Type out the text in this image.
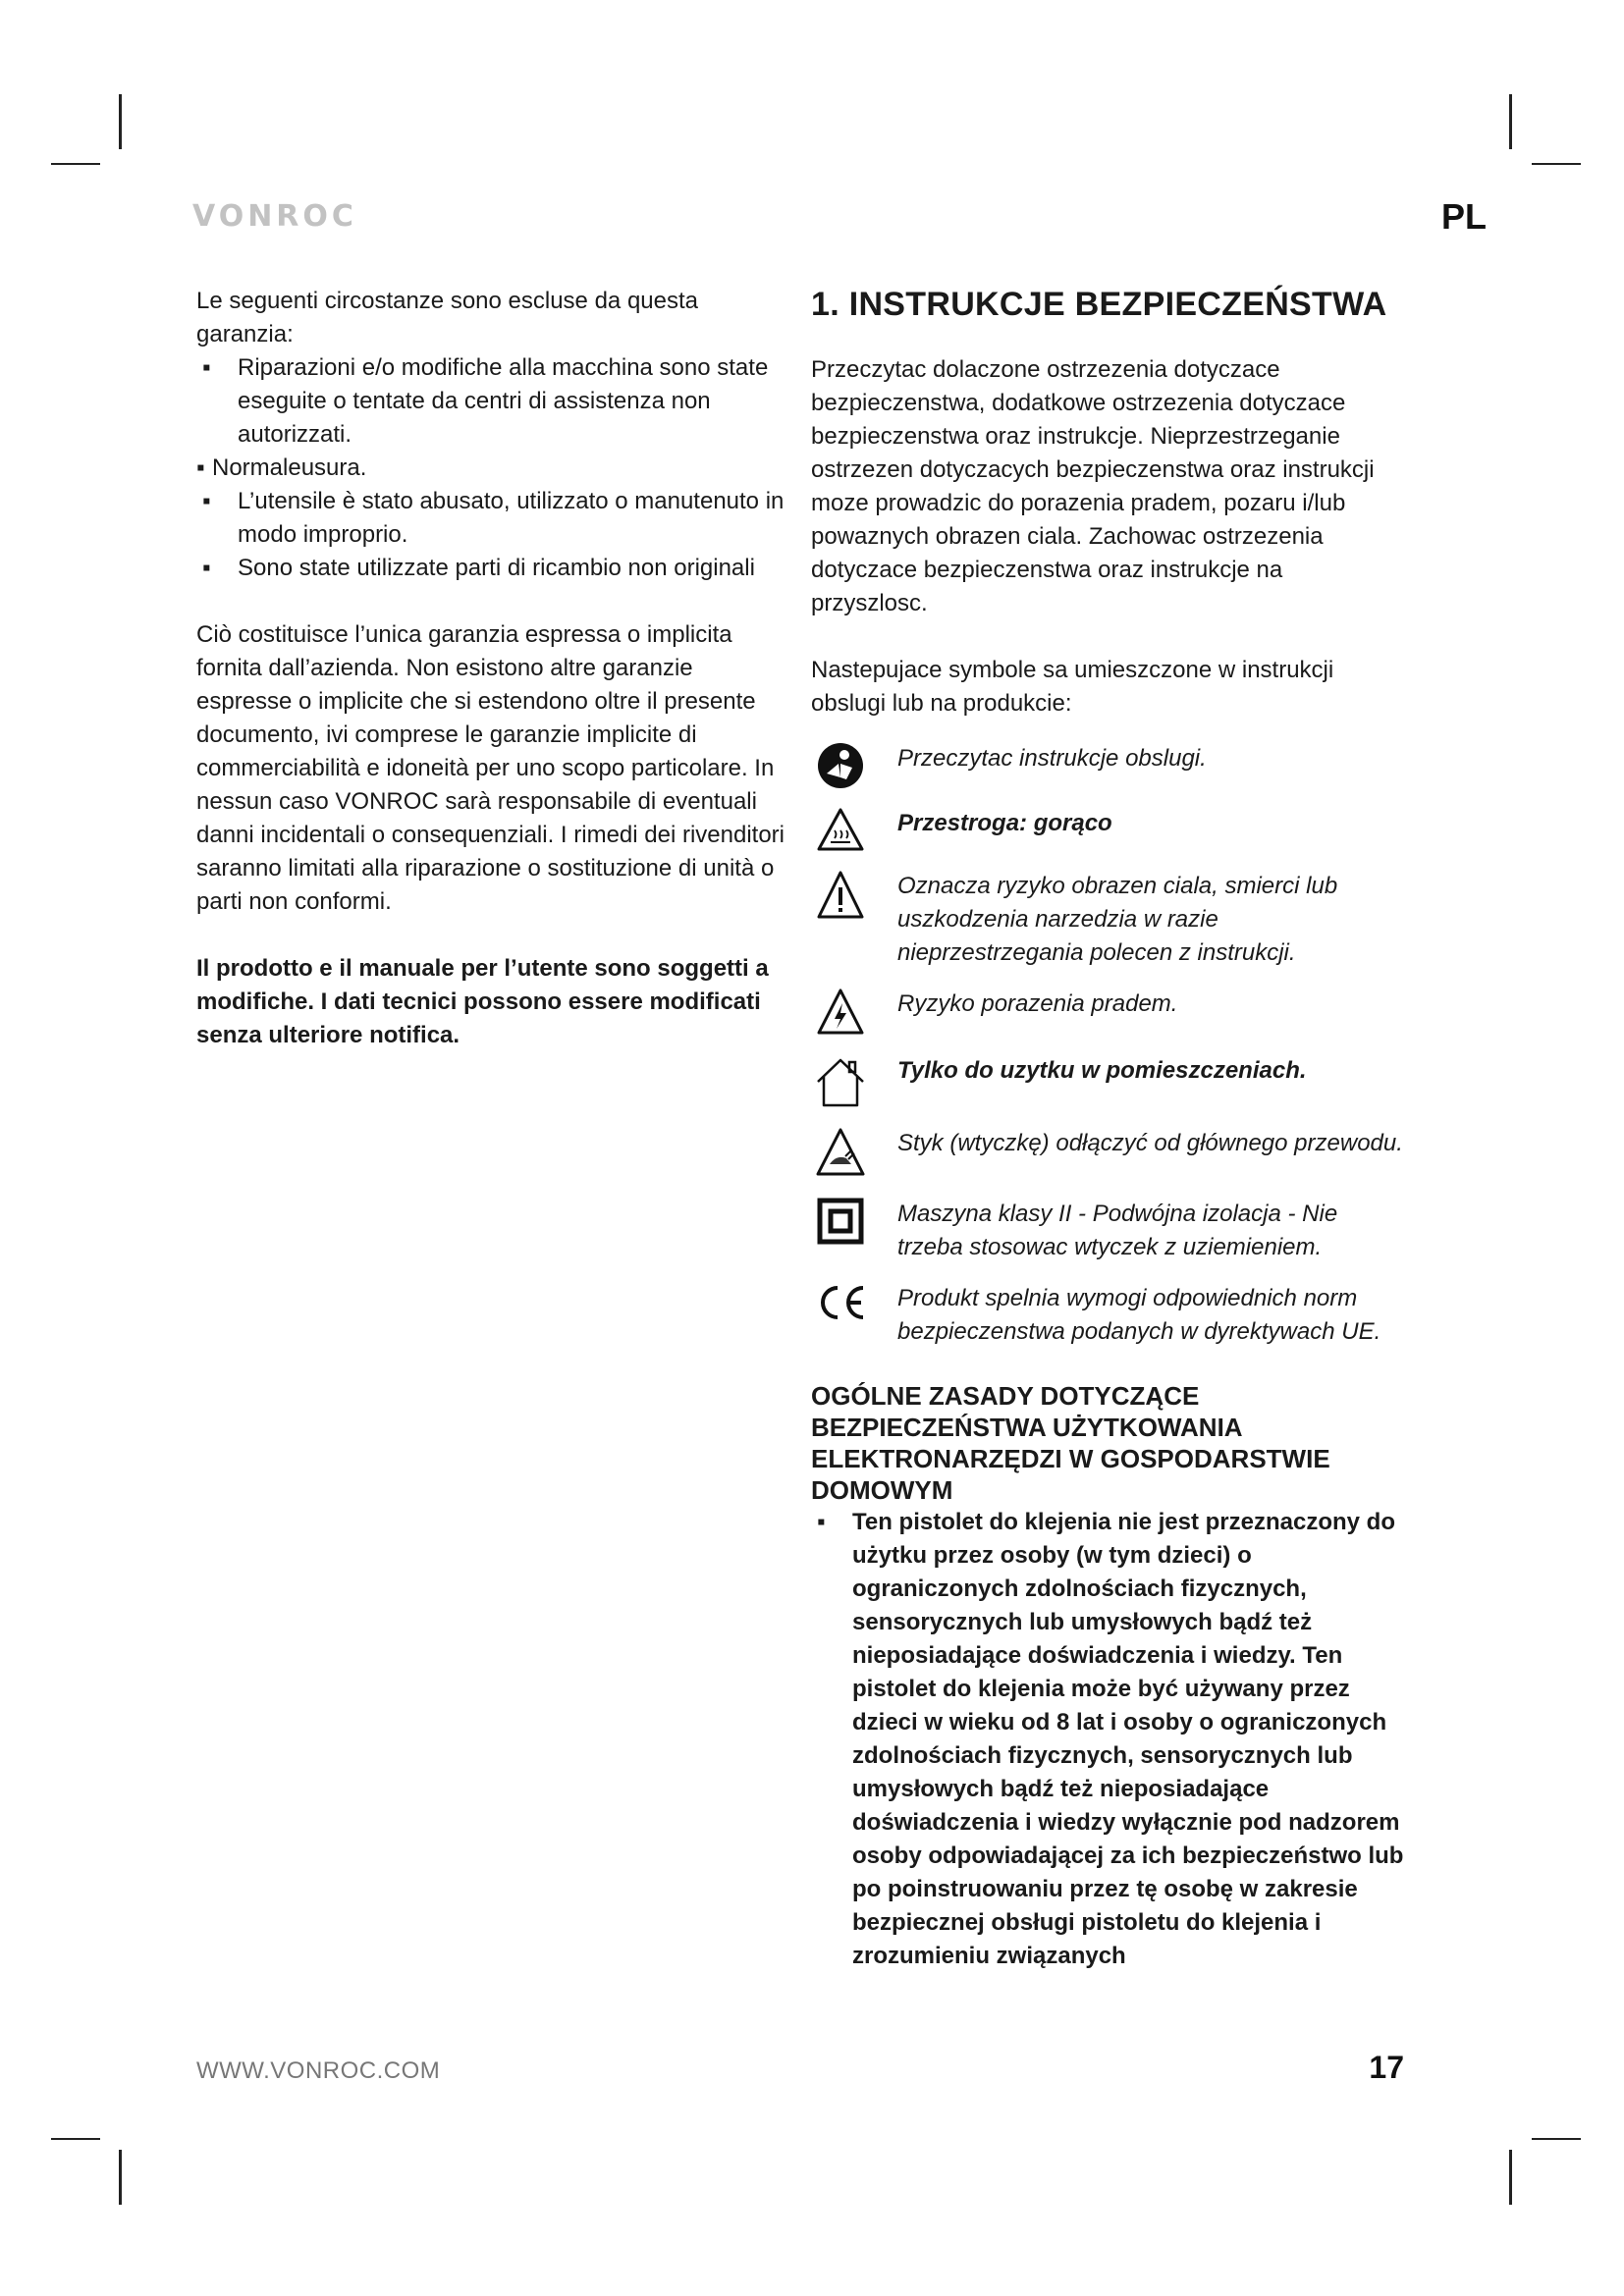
VONROC	PL

Le seguenti circostanze sono escluse da questa garanzia:

▪ Riparazioni e/o modifiche alla macchina sono state eseguite o tentate da centri di assistenza non autorizzati.
▪ Normaleusura.
▪ L’utensile è stato abusato, utilizzato o manutenuto in modo improprio.
▪ Sono state utilizzate parti di ricambio non originali

Ciò costituisce l’unica garanzia espressa o implicita fornita dall’azienda. Non esistono altre garanzie espresse o implicite che si estendono oltre il presente documento, ivi comprese le garanzie implicite di commerciabilità e idoneità per uno scopo particolare. In nessun caso VONROC sarà responsabile di eventuali danni incidentali o consequenziali. I rimedi dei rivenditori saranno limitati alla riparazione o sostituzione di unità o parti non conformi.

Il prodotto e il manuale per l’utente sono soggetti a modifiche. I dati tecnici possono essere modificati senza ulteriore notifica.

1. INSTRUKCJE BEZPIECZEŃSTWA

Przeczytac dolaczone ostrzezenia dotyczace bezpieczenstwa, dodatkowe ostrzezenia dotyczace bezpieczenstwa oraz instrukcje. Nieprzestrzeganie ostrzezen dotyczacych bezpieczenstwa oraz instrukcji moze prowadzic do porazenia pradem, pozaru i/lub powaznych obrazen ciala. Zachowac ostrzezenia dotyczace bezpieczenstwa oraz instrukcje na przyszlosc.

Nastepujace symbole sa umieszczone w instrukcji obslugi lub na produkcie:

Przeczytac instrukcje obslugi.
Przestroga: gorąco
Oznacza ryzyko obrazen ciala, smierci lub uszkodzenia narzedzia w razie nieprzestrzegania polecen z instrukcji.
Ryzyko porazenia pradem.
Tylko do uzytku w pomieszczeniach.
Styk (wtyczkę) odłączyć od głównego przewodu.
Maszyna klasy II - Podwójna izolacja - Nie trzeba stosowac wtyczek z uziemieniem.
Produkt spelnia wymogi odpowiednich norm bezpieczenstwa podanych w dyrektywach UE.
OGÓLNE ZASADY DOTYCZĄCE BEZPIECZEŃSTWA UŻYTKOWANIA ELEKTRONARZĘDZI W GOSPODARSTWIE DOMOWYM
▪ Ten pistolet do klejenia nie jest przeznaczony do użytku przez osoby (w tym dzieci) o ograniczonych zdolnościach fizycznych, sensorycznych lub umysłowych bądź też nieposiadające doświadczenia i wiedzy. Ten pistolet do klejenia może być używany przez dzieci w wieku od 8 lat i osoby o ograniczonych zdolnościach fizycznych, sensorycznych lub umysłowych bądź też nieposiadające doświadczenia i wiedzy wyłącznie pod nadzorem osoby odpowiadającej za ich bezpieczeństwo lub po poinstruowaniu przez tę osobę w zakresie bezpiecznej obsługi pistoletu do klejenia i zrozumieniu związanych
WWW.VONROC.COM	17
